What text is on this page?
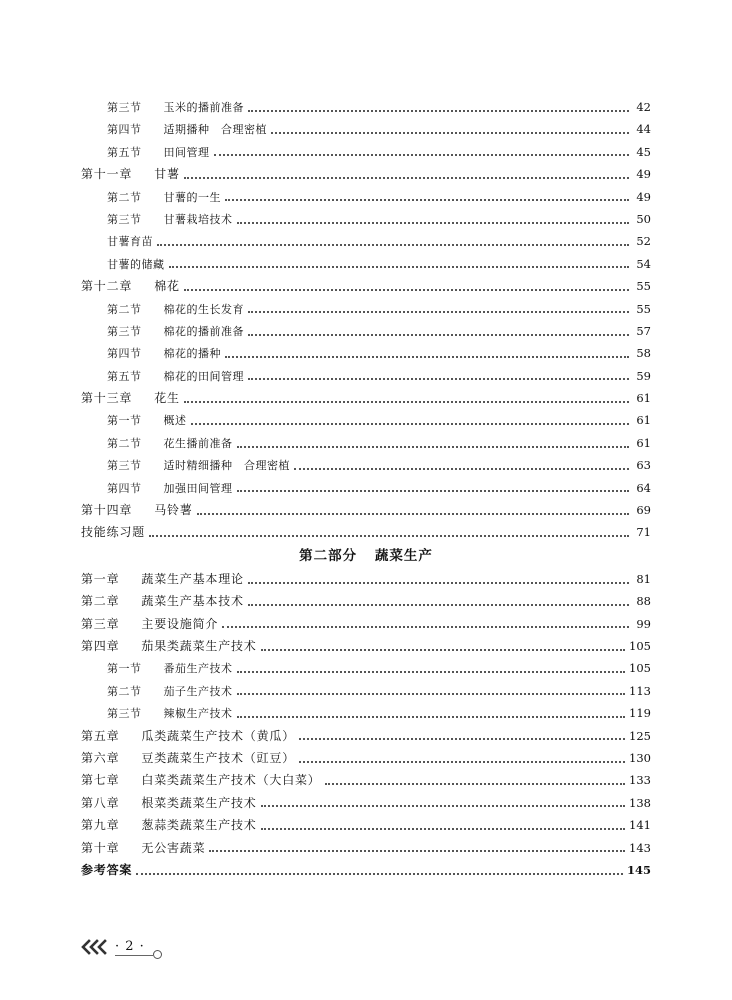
第三节	玉米的播前准备	42
第四节	适期播种　合理密植	44
第五节	田间管理	45
第十一章	甘薯	49
第二节	甘薯的一生	49
第三节	甘薯栽培技术	50
甘薯育苗	52
甘薯的储藏	54
第十二章	棉花	55
第二节	棉花的生长发育	55
第三节	棉花的播前准备	57
第四节	棉花的播种	58
第五节	棉花的田间管理	59
第十三章	花生	61
第一节	概述	61
第二节	花生播前准备	61
第三节	适时精细播种　合理密植	63
第四节	加强田间管理	64
第十四章	马铃薯	69
技能练习题	71
第二部分 蔬菜生产
第一章	蔬菜生产基本理论	81
第二章	蔬菜生产基本技术	88
第三章	主要设施简介	99
第四章	茄果类蔬菜生产技术	105
第一节	番茄生产技术	105
第二节	茄子生产技术	113
第三节	辣椒生产技术	119
第五章	瓜类蔬菜生产技术（黄瓜）	125
第六章	豆类蔬菜生产技术（豇豆）	130
第七章	白菜类蔬菜生产技术（大白菜）	133
第八章	根菜类蔬菜生产技术	138
第九章	葱蒜类蔬菜生产技术	141
第十章	无公害蔬菜	143
参考答案	145
· 2 ·
